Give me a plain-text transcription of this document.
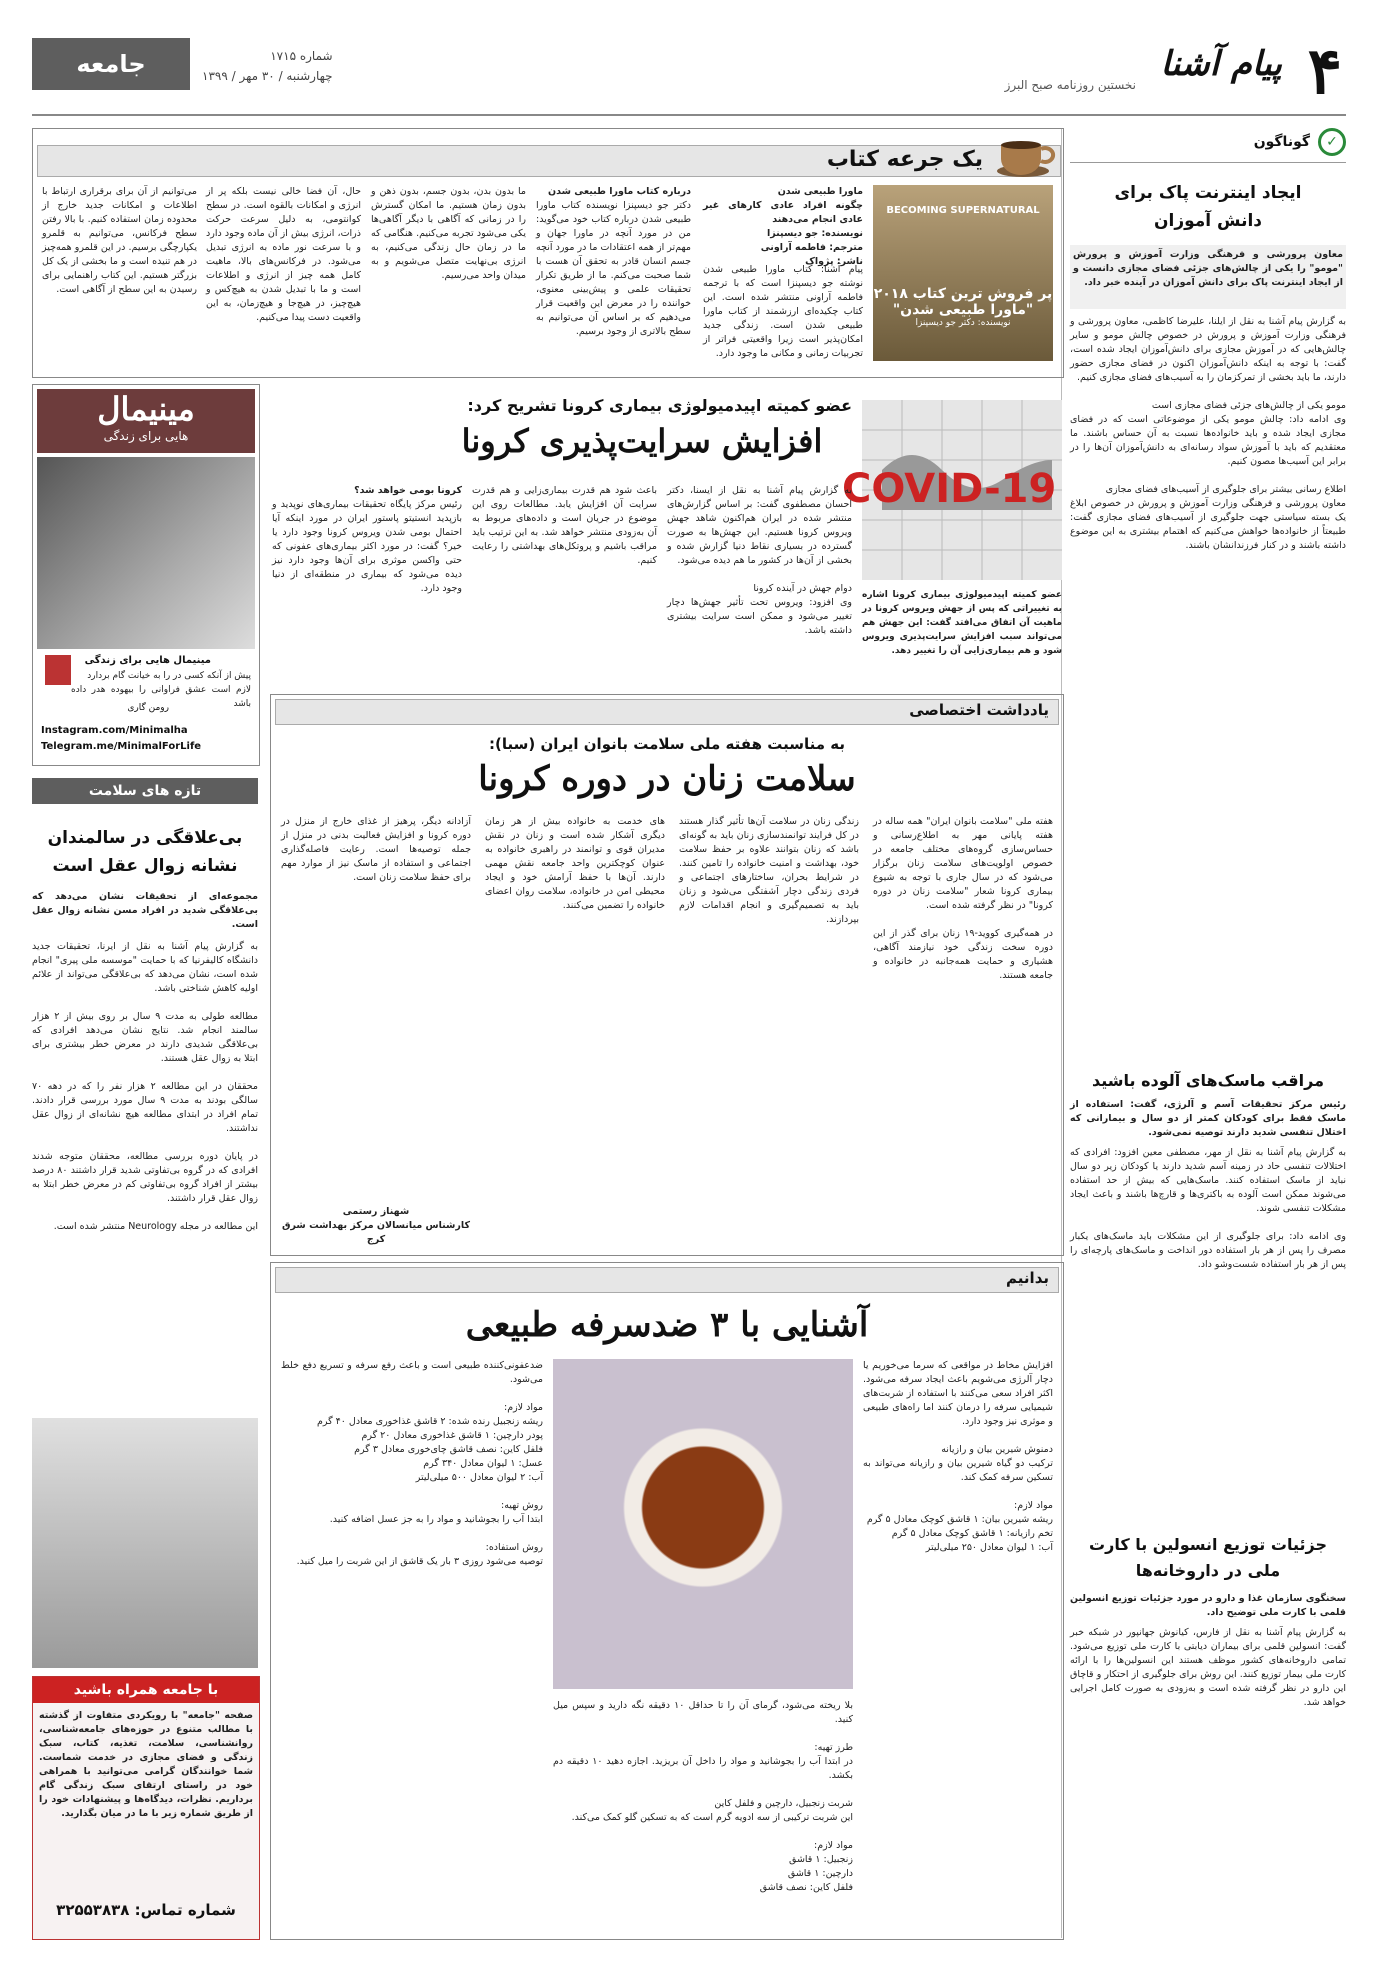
۴
پیام آشنا
نخستین روزنامه صبح البرز
شماره ۱۷۱۵
چهارشنبه / ۳۰ مهر / ۱۳۹۹
جامعه
✓
گوناگون
ایجاد اینترنت پاک برای دانش آموزان
معاون پرورشی و فرهنگی وزارت آموزش و پرورش "مومو" را یکی از چالش‌های جزئی فضای مجازی دانست و از ایجاد اینترنت پاک برای دانش آموزان در آینده خبر داد.
به گزارش پیام آشنا به نقل از ایلنا، علیرضا کاظمی، معاون پرورشی و فرهنگی وزارت آموزش و پرورش در خصوص چالش مومو و سایر چالش‌هایی که در آموزش مجازی برای دانش‌آموزان ایجاد شده است، گفت: با توجه به اینکه دانش‌آموزان اکنون در فضای مجازی حضور دارند، ما باید بخشی از تمرکزمان را به آسیب‌های فضای مجازی کنیم.

مومو یکی از چالش‌های جزئی فضای مجازی است
وی ادامه داد: چالش مومو یکی از موضوعاتی است که در فضای مجازی ایجاد شده و باید خانواده‌ها نسبت به آن حساس باشند. ما معتقدیم که باید با آموزش سواد رسانه‌ای به دانش‌آموزان آن‌ها را در برابر این آسیب‌ها مصون کنیم.

اطلاع رسانی بیشتر برای جلوگیری از آسیب‌های فضای مجازی
معاون پرورشی و فرهنگی وزارت آموزش و پرورش در خصوص ابلاغ یک بسته سیاستی جهت جلوگیری از آسیب‌های فضای مجازی گفت: طبیعتاً از خانواده‌ها خواهش می‌کنیم که اهتمام بیشتری به این موضوع داشته باشند و در کنار فرزندانشان باشند.
مراقب ماسک‌های آلوده باشید
رئیس مرکز تحقیقات آسم و آلرژی، گفت: استفاده از ماسک فقط برای کودکان کمتر از دو سال و بیمارانی که اختلال تنفسی شدید دارند توصیه نمی‌شود.
به گزارش پیام آشنا به نقل از مهر، مصطفی معین افزود: افرادی که اختلالات تنفسی حاد در زمینه آسم شدید دارند یا کودکان زیر دو سال نباید از ماسک استفاده کنند. ماسک‌هایی که بیش از حد استفاده می‌شوند ممکن است آلوده به باکتری‌ها و قارچ‌ها باشند و باعث ایجاد مشکلات تنفسی شوند.

وی ادامه داد: برای جلوگیری از این مشکلات باید ماسک‌های یکبار مصرف را پس از هر بار استفاده دور انداخت و ماسک‌های پارچه‌ای را پس از هر بار استفاده شست‌وشو داد.
جزئیات توزیع انسولین با کارت ملی در داروخانه‌ها
سخنگوی سازمان غذا و دارو در مورد جزئیات توزیع انسولین قلمی با کارت ملی توضیح داد.
به گزارش پیام آشنا به نقل از فارس، کیانوش جهانپور در شبکه خبر گفت: انسولین قلمی برای بیماران دیابتی با کارت ملی توزیع می‌شود. تمامی داروخانه‌های کشور موظف هستند این انسولین‌ها را با ارائه کارت ملی بیمار توزیع کنند. این روش برای جلوگیری از احتکار و قاچاق این دارو در نظر گرفته شده است و به‌زودی به صورت کامل اجرایی خواهد شد.
یک جرعه کتاب
BECOMING SUPERNATURAL
پر فروش ترین کتاب ۲۰۱۸
"ماورا طبیعی شدن"
نویسنده: دکتر جو دیسپنزا
ماورا طبیعی شدن
چگونه افراد عادی کارهای غیر عادی انجام می‌دهند
نویسنده: جو دیسپنزا
مترجم: فاطمه آراونی
ناشر: پژواک
پیام آشنا: کتاب ماورا طبیعی شدن نوشته جو دیسپنزا است که با ترجمه فاطمه آراونی منتشر شده است. این کتاب چکیده‌ای ارزشمند از کتاب ماورا طبیعی شدن است. زندگی جدید امکان‌پذیر است زیرا واقعیتی فراتر از تجربیات زمانی و مکانی ما وجود دارد.
درباره کتاب ماورا طبیعی شدن
دکتر جو دیسپنزا نویسنده کتاب ماورا طبیعی شدن درباره کتاب خود می‌گوید: من در مورد آنچه در ماورا جهان و مهم‌تر از همه اعتقادات ما در مورد آنچه جسم انسان قادر به تحقق آن هست با شما صحبت می‌کنم. ما از طریق تکرار تحقیقات علمی و پیش‌بینی معنوی، خواننده را در معرض این واقعیت قرار می‌دهیم که بر اساس آن می‌توانیم به سطح بالاتری از وجود برسیم.
ما بدون بدن، بدون جسم، بدون ذهن و بدون زمان هستیم. ما امکان گسترش را در زمانی که آگاهی با دیگر آگاهی‌ها یکی می‌شود تجربه می‌کنیم. هنگامی که ما در زمان حال زندگی می‌کنیم، به انرژی بی‌نهایت متصل می‌شویم و به میدان واحد می‌رسیم.
حال، آن فضا خالی نیست بلکه پر از انرژی و امکانات بالقوه است. در سطح کوانتومی، به دلیل سرعت حرکت ذرات، انرژی بیش از آن ماده وجود دارد و با سرعت نور ماده به انرژی تبدیل می‌شود. در فرکانس‌های بالا، ماهیت کامل همه چیز از انرژی و اطلاعات است و ما با تبدیل شدن به هیچ‌کس و هیچ‌چیز، در هیچ‌جا و هیچ‌زمان، به این واقعیت دست پیدا می‌کنیم.
می‌توانیم از آن برای برقراری ارتباط با اطلاعات و امکانات جدید خارج از محدوده زمان استفاده کنیم. با بالا رفتن سطح فرکانس، می‌توانیم به قلمرو یکپارچگی برسیم. در این قلمرو همه‌چیز در هم تنیده است و ما بخشی از یک کل بزرگتر هستیم. این کتاب راهنمایی برای رسیدن به این سطح از آگاهی است.
مینیمال
هایی برای زندگی
مینیمال هایی برای زندگی
پیش از آنکه کسی در را به خیانت گام بردارد
لازم است عشق فراوانی را بیهوده هدر داده باشد
رومن گاری
Instagram.com/Minimalha
Telegram.me/MinimalForLife
عضو کمیته اپیدمیولوژی بیماری کرونا تشریح کرد:
افزایش سرایت‌پذیری کرونا
COVID-19
عضو کمیته اپیدمیولوژی بیماری کرونا اشاره به تغییراتی که پس از جهش ویروس کرونا در ماهیت آن اتفاق می‌افتد گفت: این جهش هم می‌تواند سبب افزایش سرایت‌پذیری ویروس شود و هم بیماری‌زایی آن را تغییر دهد.
به گزارش پیام آشنا به نقل از ایسنا، دکتر احسان مصطفوی گفت: بر اساس گزارش‌های منتشر شده در ایران هم‌اکنون شاهد جهش ویروس کرونا هستیم. این جهش‌ها به صورت گسترده در بسیاری نقاط دنیا گزارش شده و بخشی از آن‌ها در کشور ما هم دیده می‌شود.

دوام جهش در آینده کرونا
وی افزود: ویروس تحت تأثیر جهش‌ها دچار تغییر می‌شود و ممکن است سرایت بیشتری داشته باشد.
باعث شود هم قدرت بیماری‌زایی و هم قدرت سرایت آن افزایش یابد. مطالعات روی این موضوع در جریان است و داده‌های مربوط به آن به‌زودی منتشر خواهد شد. به این ترتیب باید مراقب باشیم و پروتکل‌های بهداشتی را رعایت کنیم.
کرونا بومی خواهد شد؟
رئیس مرکز پایگاه تحقیقات بیماری‌های نوپدید و بازپدید انستیتو پاستور ایران در مورد اینکه آیا احتمال بومی شدن ویروس کرونا وجود دارد یا خیر؟ گفت: در مورد اکثر بیماری‌های عفونی که حتی واکسن موثری برای آن‌ها وجود دارد نیز دیده می‌شود که بیماری در منطقه‌ای از دنیا وجود دارد.
یادداشت اختصاصی
به مناسبت هفته ملی سلامت بانوان ایران (سبا):
سلامت زنان در دوره کرونا
هفته ملی "سلامت بانوان ایران" همه ساله در هفته پایانی مهر به اطلاع‌رسانی و حساس‌سازی گروه‌های مختلف جامعه در خصوص اولویت‌های سلامت زنان برگزار می‌شود که در سال جاری با توجه به شیوع بیماری کرونا شعار "سلامت زنان در دوره کرونا" در نظر گرفته شده است.

در همه‌گیری کووید-۱۹ زنان برای گذر از این دوره سخت زندگی خود نیازمند آگاهی، هشیاری و حمایت همه‌جانبه در خانواده و جامعه هستند.
زندگی زنان در سلامت آن‌ها تأثیر گذار هستند در کل فرایند توانمندسازی زنان باید به گونه‌ای باشد که زنان بتوانند علاوه بر حفظ سلامت خود، بهداشت و امنیت خانواده را تامین کنند. در شرایط بحران، ساختارهای اجتماعی و فردی زندگی دچار آشفتگی می‌شود و زنان باید به تصمیم‌گیری و انجام اقدامات لازم بپردازند.
های خدمت به خانواده بیش از هر زمان دیگری آشکار شده است و زنان در نقش مدیران قوی و توانمند در راهبری خانواده به عنوان کوچکترین واحد جامعه نقش مهمی دارند. آن‌ها با حفظ آرامش خود و ایجاد محیطی امن در خانواده، سلامت روان اعضای خانواده را تضمین می‌کنند.
آزادانه دیگر، پرهیز از غذای خارج از منزل در دوره کرونا و افزایش فعالیت بدنی در منزل از جمله توصیه‌ها است. رعایت فاصله‌گذاری اجتماعی و استفاده از ماسک نیز از موارد مهم برای حفظ سلامت زنان است.
شهناز رستمی
کارشناس میانسالان مرکز بهداشت شرق کرج
بدانیم
آشنایی با ۳ ضدسرفه طبیعی
افزایش مخاط در مواقعی که سرما می‌خوریم یا دچار آلرژی می‌شویم باعث ایجاد سرفه می‌شود. اکثر افراد سعی می‌کنند با استفاده از شربت‌های شیمیایی سرفه را درمان کنند اما راه‌های طبیعی و موثری نیز وجود دارد.

دمنوش شیرین بیان و رازیانه
ترکیب دو گیاه شیرین بیان و رازیانه می‌تواند به تسکین سرفه کمک کند.

مواد لازم:
ریشه شیرین بیان: ۱ قاشق کوچک معادل ۵ گرم
تخم رازیانه: ۱ قاشق کوچک معادل ۵ گرم
آب: ۱ لیوان معادل ۲۵۰ میلی‌لیتر
بلا ریخته می‌شود، گرمای آن را تا حداقل ۱۰ دقیقه نگه دارید و سپس میل کنید.

طرز تهیه:
در ابتدا آب را بجوشانید و مواد را داخل آن بریزید. اجازه دهید ۱۰ دقیقه دم بکشد.

شربت زنجبیل، دارچین و فلفل کاین
این شربت ترکیبی از سه ادویه گرم است که به تسکین گلو کمک می‌کند.

مواد لازم:
زنجبیل: ۱ قاشق
دارچین: ۱ قاشق
فلفل کاین: نصف قاشق
ضدعفونی‌کننده طبیعی است و باعث رفع سرفه و تسریع دفع خلط می‌شود.

مواد لازم:
ریشه زنجبیل رنده شده: ۲ قاشق غذاخوری معادل ۴۰ گرم
پودر دارچین: ۱ قاشق غذاخوری معادل ۲۰ گرم
فلفل کاین: نصف قاشق چای‌خوری معادل ۳ گرم
عسل: ۱ لیوان معادل ۳۴۰ گرم
آب: ۲ لیوان معادل ۵۰۰ میلی‌لیتر

روش تهیه:
ابتدا آب را بجوشانید و مواد را به جز عسل اضافه کنید.

روش استفاده:
توصیه می‌شود روزی ۳ بار یک قاشق از این شربت را میل کنید.
تازه های سلامت
بی‌علاقگی در سالمندان نشانه زوال عقل است
مجموعه‌ای از تحقیقات نشان می‌دهد که بی‌علاقگی شدید در افراد مسن نشانه زوال عقل است.
به گزارش پیام آشنا به نقل از ایرنا، تحقیقات جدید دانشگاه کالیفرنیا که با حمایت "موسسه ملی پیری" انجام شده است، نشان می‌دهد که بی‌علاقگی می‌تواند از علائم اولیه کاهش شناختی باشد.

مطالعه طولی به مدت ۹ سال بر روی بیش از ۲ هزار سالمند انجام شد. نتایج نشان می‌دهد افرادی که بی‌علاقگی شدیدی دارند در معرض خطر بیشتری برای ابتلا به زوال عقل هستند.

محققان در این مطالعه ۲ هزار نفر را که در دهه ۷۰ سالگی بودند به مدت ۹ سال مورد بررسی قرار دادند. تمام افراد در ابتدای مطالعه هیچ نشانه‌ای از زوال عقل نداشتند.

در پایان دوره بررسی مطالعه، محققان متوجه شدند افرادی که در گروه بی‌تفاوتی شدید قرار داشتند ۸۰ درصد بیشتر از افراد گروه بی‌تفاوتی کم در معرض خطر ابتلا به زوال عقل قرار داشتند.

این مطالعه در مجله Neurology منتشر شده است.
با جامعه همراه باشید
صفحه "جامعه" با رویکردی متفاوت از گذشته با مطالب متنوع در حوزه‌های جامعه‌شناسی، روانشناسی، سلامت، تغذیه، کتاب، سبک زندگی و فضای مجازی در خدمت شماست. شما خوانندگان گرامی می‌توانید با همراهی خود در راستای ارتقای سبک زندگی گام برداریم. نظرات، دیدگاه‌ها و پیشنهادات خود را از طریق شماره زیر با ما در میان بگذارید.
شماره تماس: ۳۲۵۵۳۸۳۸
